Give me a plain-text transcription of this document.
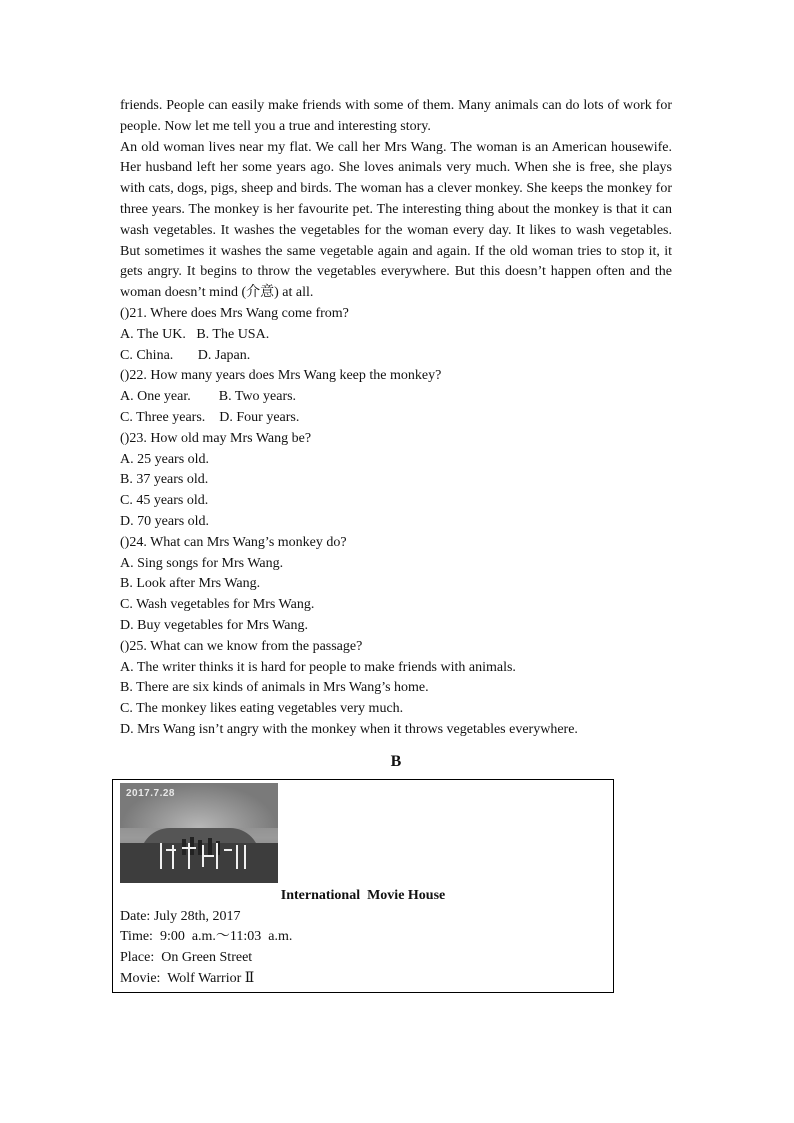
friends. People can easily make friends with some of them. Many animals can do lots of work for people. Now let me tell you a true and interesting story.

An old woman lives near my flat. We call her Mrs Wang. The woman is an American housewife. Her husband left her some years ago. She loves animals very much. When she is free, she plays with cats, dogs, pigs, sheep and birds. The woman has a clever monkey. She keeps the monkey for three years. The monkey is her favourite pet. The interesting thing about the monkey is that it can wash vegetables. It washes the vegetables for the woman every day. It likes to wash vegetables. But sometimes it washes the same vegetable again and again. If the old woman tries to stop it, it gets angry. It begins to throw the vegetables everywhere. But this doesn’t happen often and the woman doesn’t mind (介意) at all.

()21. Where does Mrs Wang come from?

A. The UK.   B. The USA.

C. China.       D. Japan.

()22. How many years does Mrs Wang keep the monkey?

A. One year.        B. Two years.

C. Three years.    D. Four years.

()23. How old may Mrs Wang be?

A. 25 years old.

B. 37 years old.

C. 45 years old.

D. 70 years old.

()24. What can Mrs Wang’s monkey do?

A. Sing songs for Mrs Wang.

B. Look after Mrs Wang.

C. Wash vegetables for Mrs Wang.

D. Buy vegetables for Mrs Wang.

()25. What can we know from the passage?

A. The writer thinks it is hard for people to make friends with animals.

B. There are six kinds of animals in Mrs Wang’s home.

C. The monkey likes eating vegetables very much.

D. Mrs Wang isn’t angry with the monkey when it throws vegetables everywhere.

B
2017.7.28
International  Movie House

Date: July 28th, 2017

Time:  9:00  a.m.～11:03  a.m.

Place:  On Green Street

Movie:  Wolf Warrior Ⅱ
